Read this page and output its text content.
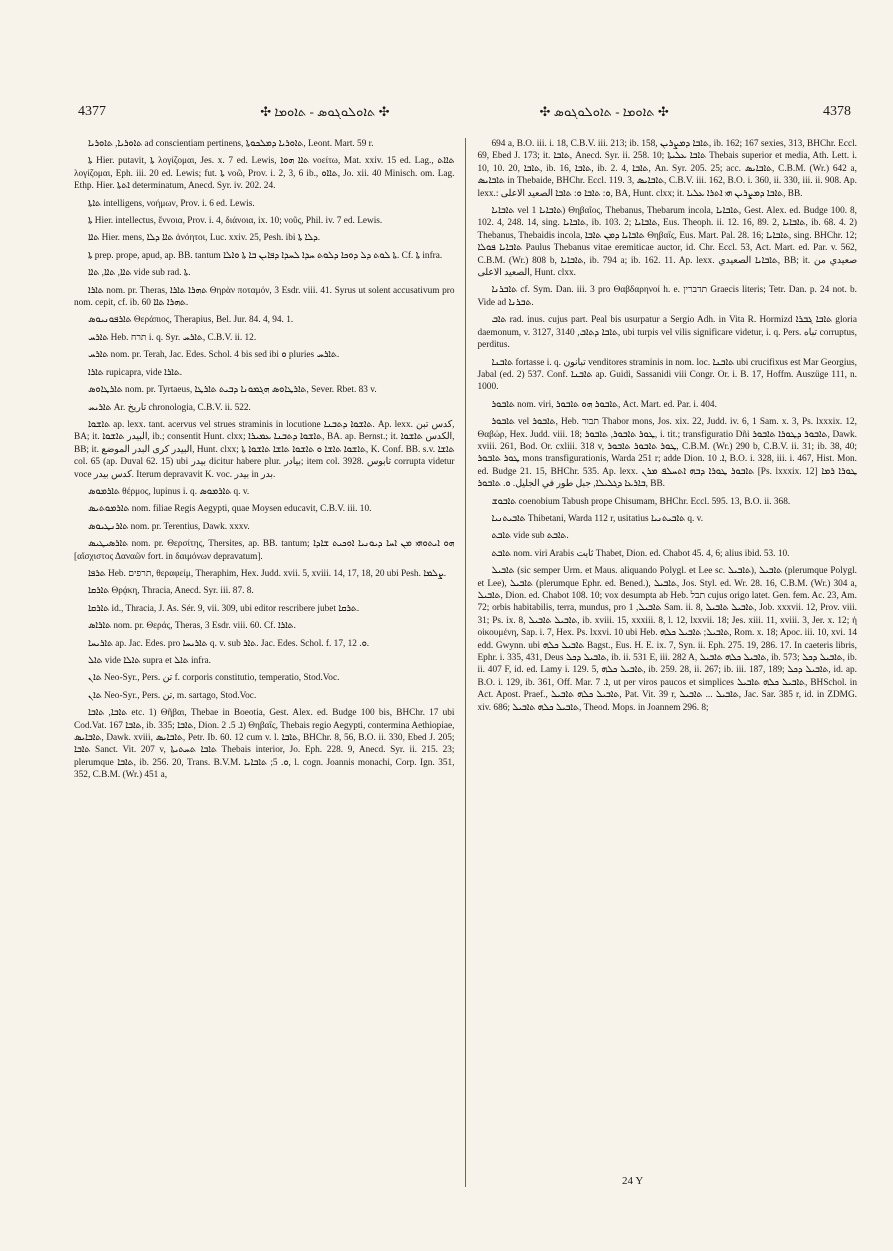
4377	✣ ܬܐܘܠܘܓܘܣ - ܬܐܘܡܐ ✣	✣ ܬܐܘܡܐ - ܬܐܘܠܘܓܘܣ ✣	4378

ܬܐܘܪܝܐ, ܬܐܘܪܝܐ ad conscientiam pertinens, ܬܐܘܪܝܐ ܕܡܠܟܘܬܐ, Leont. Mart. 59 r.

ܬܐ Hier. putavit, ܬܐ λογίζομαι, Jes. x. 7 ed. Lewis, ܬܐܐ ܗܘܐ νοείτω, Mat. xxiv. 15 ed. Lag., ܬܐܐܬ λογίζομαι, Eph. iii. 20 ed. Lewis; fut. ܬܐ νοῶ, Prov. i. 2, 3, 6 ib., ܬܐܐܘ, Jo. xii. 40 Minisch. om. Lag. Ethp. Hier. ܐܬܬܐ determinatum, Anecd. Syr. iv. 202. 24.

ܬܐܬܐ intelligens, νοήμων, Prov. i. 6 ed. Lewis.

ܬܐ Hier. intellectus, ἔννοια, Prov. i. 4, διάνοια, ix. 10; νοῦς, Phil. iv. 7 ed. Lewis.

ܬܐܐ Hier. mens, ܬܐܐ ܕܠܐ ἀνόητοι, Luc. xxiv. 25, Pesh. ibi ܕܠܐ ܬܐ.

ܬܐ prep. prope, apud, ap. BB. tantum ܬܐ ܠܘܬ ܕܠ ܕܘܟܐ ܕܠܘܬ ܚܕܐ ܠܚܕܐ ܕܦܐܝܢ ܒܐ ܬܐ ܘܐܠܐ. Cf. ܬܐ infra.

ܬܐܐ, ܬܐܐ, ܬܐܐ vide sub rad. ܬܐ.

ܬܐܪܐ nom. pr. Theras, ܬܗܪܐ ܬܐܪܐ Θηρὰν ποταμόν, 3 Esdr. viii. 41. Syrus ut solent accusativum pro nom. cepit, cf. ib. 60 ܬܗܪܐ ܬܐܐ.

ܬܐܪܦܘܢܝܘܣ Θεράπιος, Therapius, Bel. Jur. 84. 4, 94. 1.

ܬܐܪܚ Heb. תרח i. q. Syr. ܬܐܪܚ, C.B.V. ii. 12.

ܬܐܪܚ nom. pr. Terah, Jac. Edes. Schol. 4 bis sed ibi ܘ pluries ܬܐܪܚ.

ܬܐܪܐ rupicapra, vide ܬܐܪܐ.

ܬܐܪܛܐܘܣ nom. pr. Tyrtaeus, ܬܐܪܛܐܘܣ ܗܓܡܘܢܐ ܕܒܝܬ ܬܐܪܛܐ, Sever. Rbet. 83 v.

ܬܐܪܝܚ Ar. تاريخ chronologia, C.B.V. ii. 522.

ܬܐܫܘܐ ap. lexx. tant. acervus vel strues straminis in locutione ܬܐܫܘܐ ܕܬܒܢܐ. Ap. lexx. كدس تبن, BA; it. البيدر ܬܐܫܘܐ, ib.; consentit Hunt. clxx; ܬܐܫܘܐ ܕܬܒܢܐ ܥܡܝܪܐ, BA. ap. Bernst.; it. الكدس ܬܐܫܘܐ, BB; it. البيدر كرى البدر الموضع, Hunt. clxx; ܬܐܫܘܐ ܬܐܫܐ ܘ ܬܐܫܘܐ ܬܐܫܐ ܬܐܫܘܐ ܬܐ, K. Conf. BB. s.v. ܬܐܫܐ col. 65 (ap. Duval 62. 15) ubi بيدر dicitur habere plur. بيادر; item col. 3928. تابوس corrupta videtur voce كدس بيدر. Iterum depravavit K. voc. بيدر in بدر.

ܬܐܪܡܘܣ θέρμος, lupinus i. q. ܬܐܪܡܘܣ q. v.

ܬܐܪܡܘܬܝܣ nom. filiae Regis Aegypti, quae Moysen educavit, C.B.V. iii. 10.

ܬܐܪܢܛܝܘܣ nom. pr. Terentius, Dawk. xxxv.

ܬܐܪܣܝܛܝܣ nom. pr. Θερσίτης, Thersites, ap. BB. tantum; ܗܘ ܐܝܬܘܗܝ ܡܢ ܐܚܐ ܕܝܘܢܝܐ ܐܘܟܝܬ ܫܐܕܐ [αἴσχιστος Δαναῶν fort. in δαιμόνων depravatum].

ܬܪܦܐ Heb. תרפים, θεραφείμ, Theraphim, Hex. Judd. xvii. 5, xviii. 14, 17, 18, 20 ubi Pesh. ܨܠܡܐ.

ܬܐܪܩܐ Θρᾴκη, Thracia, Anecd. Syr. iii. 87. 8.

ܬܐܪܩܐ id., Thracia, J. As. Sér. 9, vii. 309, ubi editor rescribere jubet ܬܪܩܐ.

ܬܐܪܐܣ nom. pr. Θεράς, Theras, 3 Esdr. viii. 60. Cf. ܬܐܪܐ.

ܬܐܪܝܚܐ ap. Jac. Edes. pro ܬܐܪܝܚܐ q. v. sub ܬܐܪ. Jac. Edes. Schol. f. 17, ܘ. 12.

ܬܐܠ vide ܬܐܠܐ supra et ܬܐܠ infra.

ܬܐܢ Neo-Syr., Pers. تن f. corporis constitutio, temperatio, Stod.Voc.

ܬܐܢ Neo-Syr., Pers. تن, m. sartago, Stod.Voc.

ܬܐܒܐ, ܬܐܒܐ etc. 1) Θῆβαι, Thebae in Boeotia, Gest. Alex. ed. Budge 100 bis, BHChr. 17 ubi Cod.Vat. 167 ܬܐܒܐ, ib. 335; ܬܐܒܐ, Dion. ܐ. 5. 2) Θηβαΐς, Thebais regio Aegypti, contermina Aethiopiae, ܬܐܒܐܝܣ, Dawk. xviii, ܬܐܒܐܝܣ, Petr. Ib. 60. 12 cum v. l. ܬܐܒܐ, BHChr. 8, 56, B.O. ii. 330, Ebed J. 205; ܬܐܒܐ Sanct. Vit. 207 v, ܬܐܒܐ ܬܚܬܝܬܐ Thebais interior, Jo. Eph. 228. 9, Anecd. Syr. ii. 215. 23; plerumque ܬܐܒܐ, ib. 256. 20, Trans. B.V.M. ܘ. 5; ܬܐܒܐܝܐ, l. cogn. Joannis monachi, Corp. Ign. 351, 352, C.B.M. (Wr.) 451 a,

694 a, B.O. iii. i. 18, C.B.V. iii. 213; ib. 158, ܬܐܒܐ ܕܡܨܪܝܢ, ib. 162; 167 sexies, 313, BHChr. Eccl. 69, Ebed J. 173; it. ܬܐܒܐ, Anecd. Syr. ii. 258. 10; ܬܐܒܐ ܥܠܝܬܐ Thebais superior et media, Ath. Lett. i. 10, 10. 20, ܬܐܒܐ, ib. 16, ܬܐܒܐ, ib. 2. 4, ܬܐܒܐ, An. Syr. 205. 25; acc. ܬܐܒܐܝܣ, C.B.M. (Wr.) 642 a, ܬܐܒܐܝܣ in Thebaide, BHChr. Eccl. 119. 3, ܬܐܒܐܝܣ, C.B.V. iii. 162, B.O. i. 360, ii. 330, iii. ii. 908. Ap. lexx.: ܘ: ܬܐܒܐ ܘ: ܬܐܒܐ الصعيد الاعلى, BA, Hunt. clxx; it. ܬܐܒܐ ܕܡܨܪܝܢ ܗܝ ܐܬܪܐ ܥܠܝܐ, BB.

ܬܐܒܐܝܐ vel ܬܐܒܐܝܐ 1) Θηβαῖος, Thebanus, Thebarum incola, ܬܐܒܐܝܐ, Gest. Alex. ed. Budge 100. 8, 102. 4, 248. 14, sing. ܬܐܒܐܝܐ, ib. 103. 2; ܬܐܒܐܝܐ, Eus. Theoph. ii. 12. 16, 89. 2, ܬܐܒܐܝܐ, ib. 68. 4. 2) Thebanus, Thebaidis incola, ܬܐܒܐܝܐ ܕܡܢ ܬܐܒܐ Θηβαΐς, Eus. Mart. Pal. 28. 16; ܬܐܒܐܝܐ, sing. BHChr. 12; ܬܐܒܐܝܐ ܦܘܠܐ Paulus Thebanus vitae eremiticae auctor, id. Chr. Eccl. 53, Act. Mart. ed. Par. v. 562, C.B.M. (Wr.) 808 b, ܬܐܒܐܝܐ, ib. 794 a; ib. 162. 11. Ap. lexx. ܬܐܒܐܝܐ الصعيدي, BB; it. صعيدي من الصعيد الاعلى, Hunt. clxx.

ܬܐܒܪܢܐ cf. Sym. Dan. iii. 3 pro Θαβδαρηνοί h. e. תדברין Graecis literis; Tetr. Dan. p. 24 not. b. Vide ad ܬܒܪܢܐ.

ܬܐܒ rad. inus. cujus part. Peal bis usurpatur a Sergio Adh. in Vita R. Hormizd ܬܐܒܐ ܓܒܪܐ gloria daemonum, v. 3127, ܬܐܒܐ ܕܬܐܒ, 3140, ubi turpis vel vilis significare videtur, i. q. Pers. تباه corruptus, perditus.

ܬܐܒܢܐ fortasse i. q. تبانون venditores straminis in nom. loc. ܬܐܒܢܐ ubi crucifixus est Mar Georgius, Jabal (ed. 2) 537. Conf. ܬܐܒܢܐ ap. Guidi, Sassanidi viii Congr. Or. i. B. 17, Hoffm. Auszüge 111, n. 1000.

ܬܐܒܘܪ nom. viri, ܬܐܒܘܪ ܗܘ ܬܐܒܘܪ, Act. Mart. ed. Par. i. 404.

ܬܐܒܘܪ vel ܬܐܒܘܪ, Heb. תבור Thabor mons, Jos. xix. 22, Judd. iv. 6, 1 Sam. x. 3, Ps. lxxxix. 12, Θαβώρ, Hex. Judd. viii. 18; ܛܘܪ ܬܐܒܘܪ, ܬܐܒܘܪ, i. tit.; transfiguratio Dñi ܬܐܒܘܪ ܕܛܘܪܐ ܬܐܒܘܪ, Dawk. xviii. 261, Bod. Or. cxliii. 318 v, ܛܘܪ ܬܐܒܘܪ ܬܐܒܘܪ, C.B.M. (Wr.) 290 b, C.B.V. ii. 31; ib. 38, 40; ܛܘܪ ܬܐܒܘܪ mons transfigurationis, Warda 251 r; adde Dion. ܐ. 10, B.O. i. 328, iii. i. 467, Hist. Mon. ed. Budge 21. 15, BHChr. 535. Ap. lexx. ܬܐܒܘܪ ܛܘܪܐ ܕܒܗ ܐܬܚܠܦ ܡܪܢ [Ps. lxxxix. 12] ܛܘܪܐ ܪܡܐ ܒܐܪܥܐ ܕܓܠܝܠܐ, جبل طور في الجليل. ܘ. ܬܐܒܘܪ, BB.

ܬܐܒܘܫ coenobium Tabush prope Chisumam, BHChr. Eccl. 595. 13, B.O. ii. 368.

ܬܐܒܝܬܢܝܐ Thibetani, Warda 112 r, usitatius ܬܐܒܝܬܢܝܐ q. v.

ܬܐܒܬ vide sub ܬܐܒܬ.

ܬܐܒܬ nom. viri Arabis ثابت Thabet, Dion. ed. Chabot 45. 4, 6; alius ibid. 53. 10.

ܬܐܒܝܠ (sic semper Urm. et Maus. aliquando Polygl. et Lee sc. ܬܐܒܝܠ), ܬܐܒܝܠ (plerumque Polygl. et Lee), ܬܐܒܝܠ (plerumque Ephr. ed. Bened.), ܬܐܒܝܠ, Jos. Styl. ed. Wr. 28. 16, C.B.M. (Wr.) 304 a, ܬܐܒܝܠ, Dion. ed. Chabot 108. 10; vox desumpta ab Heb. תבל cujus origo latet. Gen. fem. Ac. 23, Am. 72; orbis habitabilis, terra, mundus, pro ܬܐܒܝܠ, 1 Sam. ii. 8, ܬܐܒܝܠ ܬܐܒܝܠ, Job. xxxvii. 12, Prov. viii. 31; Ps. ix. 8, ܬܐܒܝܠ ܬܐܒܝܠ, ib. xviii. 15, xxxiii. 8, l. 12, lxxvii. 18; Jes. xiii. 11, xviii. 3, Jer. x. 12; ἡ οἰκουμένη, Sap. i. 7, Hex. Ps. lxxvi. 10 ubi Heb. ܬܐܒܝܠ; ܬܐܒܝܠ ܟܠܗ, Rom. x. 18; Apoc. iii. 10, xvi. 14 edd. Gwynn. ubi ܬܐܒܝܠ ܟܠܗ Bagst., Eus. H. E. ix. 7, Syn. ii. Eph. 275. 19, 286. 17. In caeteris libris, Ephr. i. 335, 431, Deus ܬܐܒܝܠ ܕܟܠ, ib. ii. 531 E, iii. 282 A, ܬܐܒܝܠ ܟܠܗ ܬܐܒܝܠ, ib. 573; ܬܐܒܝܠ ܕܟܠ, ib. ii. 407 F, id. ed. Lamy i. 129. 5, ܬܐܒܝܠ ܟܠܗ, ib. 259. 28, ii. 267; ib. iii. 187, 189; ܬܐܒܝܠ ܕܟܠ, id. ap. B.O. i. 129, ib. 361, Off. Mar. ܐ. 7, ut per viros paucos et simplices ܬܐܒܝܠ ܟܠܗ ܬܐܒܝܠ, BHSchol. in Act. Apost. Praef., ܬܐܒܝܠ ܟܠܗ ܬܐܒܝܠ, Pat. Vit. 39 r, ܬܐܒܝܠ ... ܬܐܒܝܠ, Jac. Sar. 385 r, id. in ZDMG. xiv. 686; ܬܐܒܝܠ ܟܠܗ ܬܐܒܝܠ, Theod. Mops. in Joannem 296. 8;

24 Y
